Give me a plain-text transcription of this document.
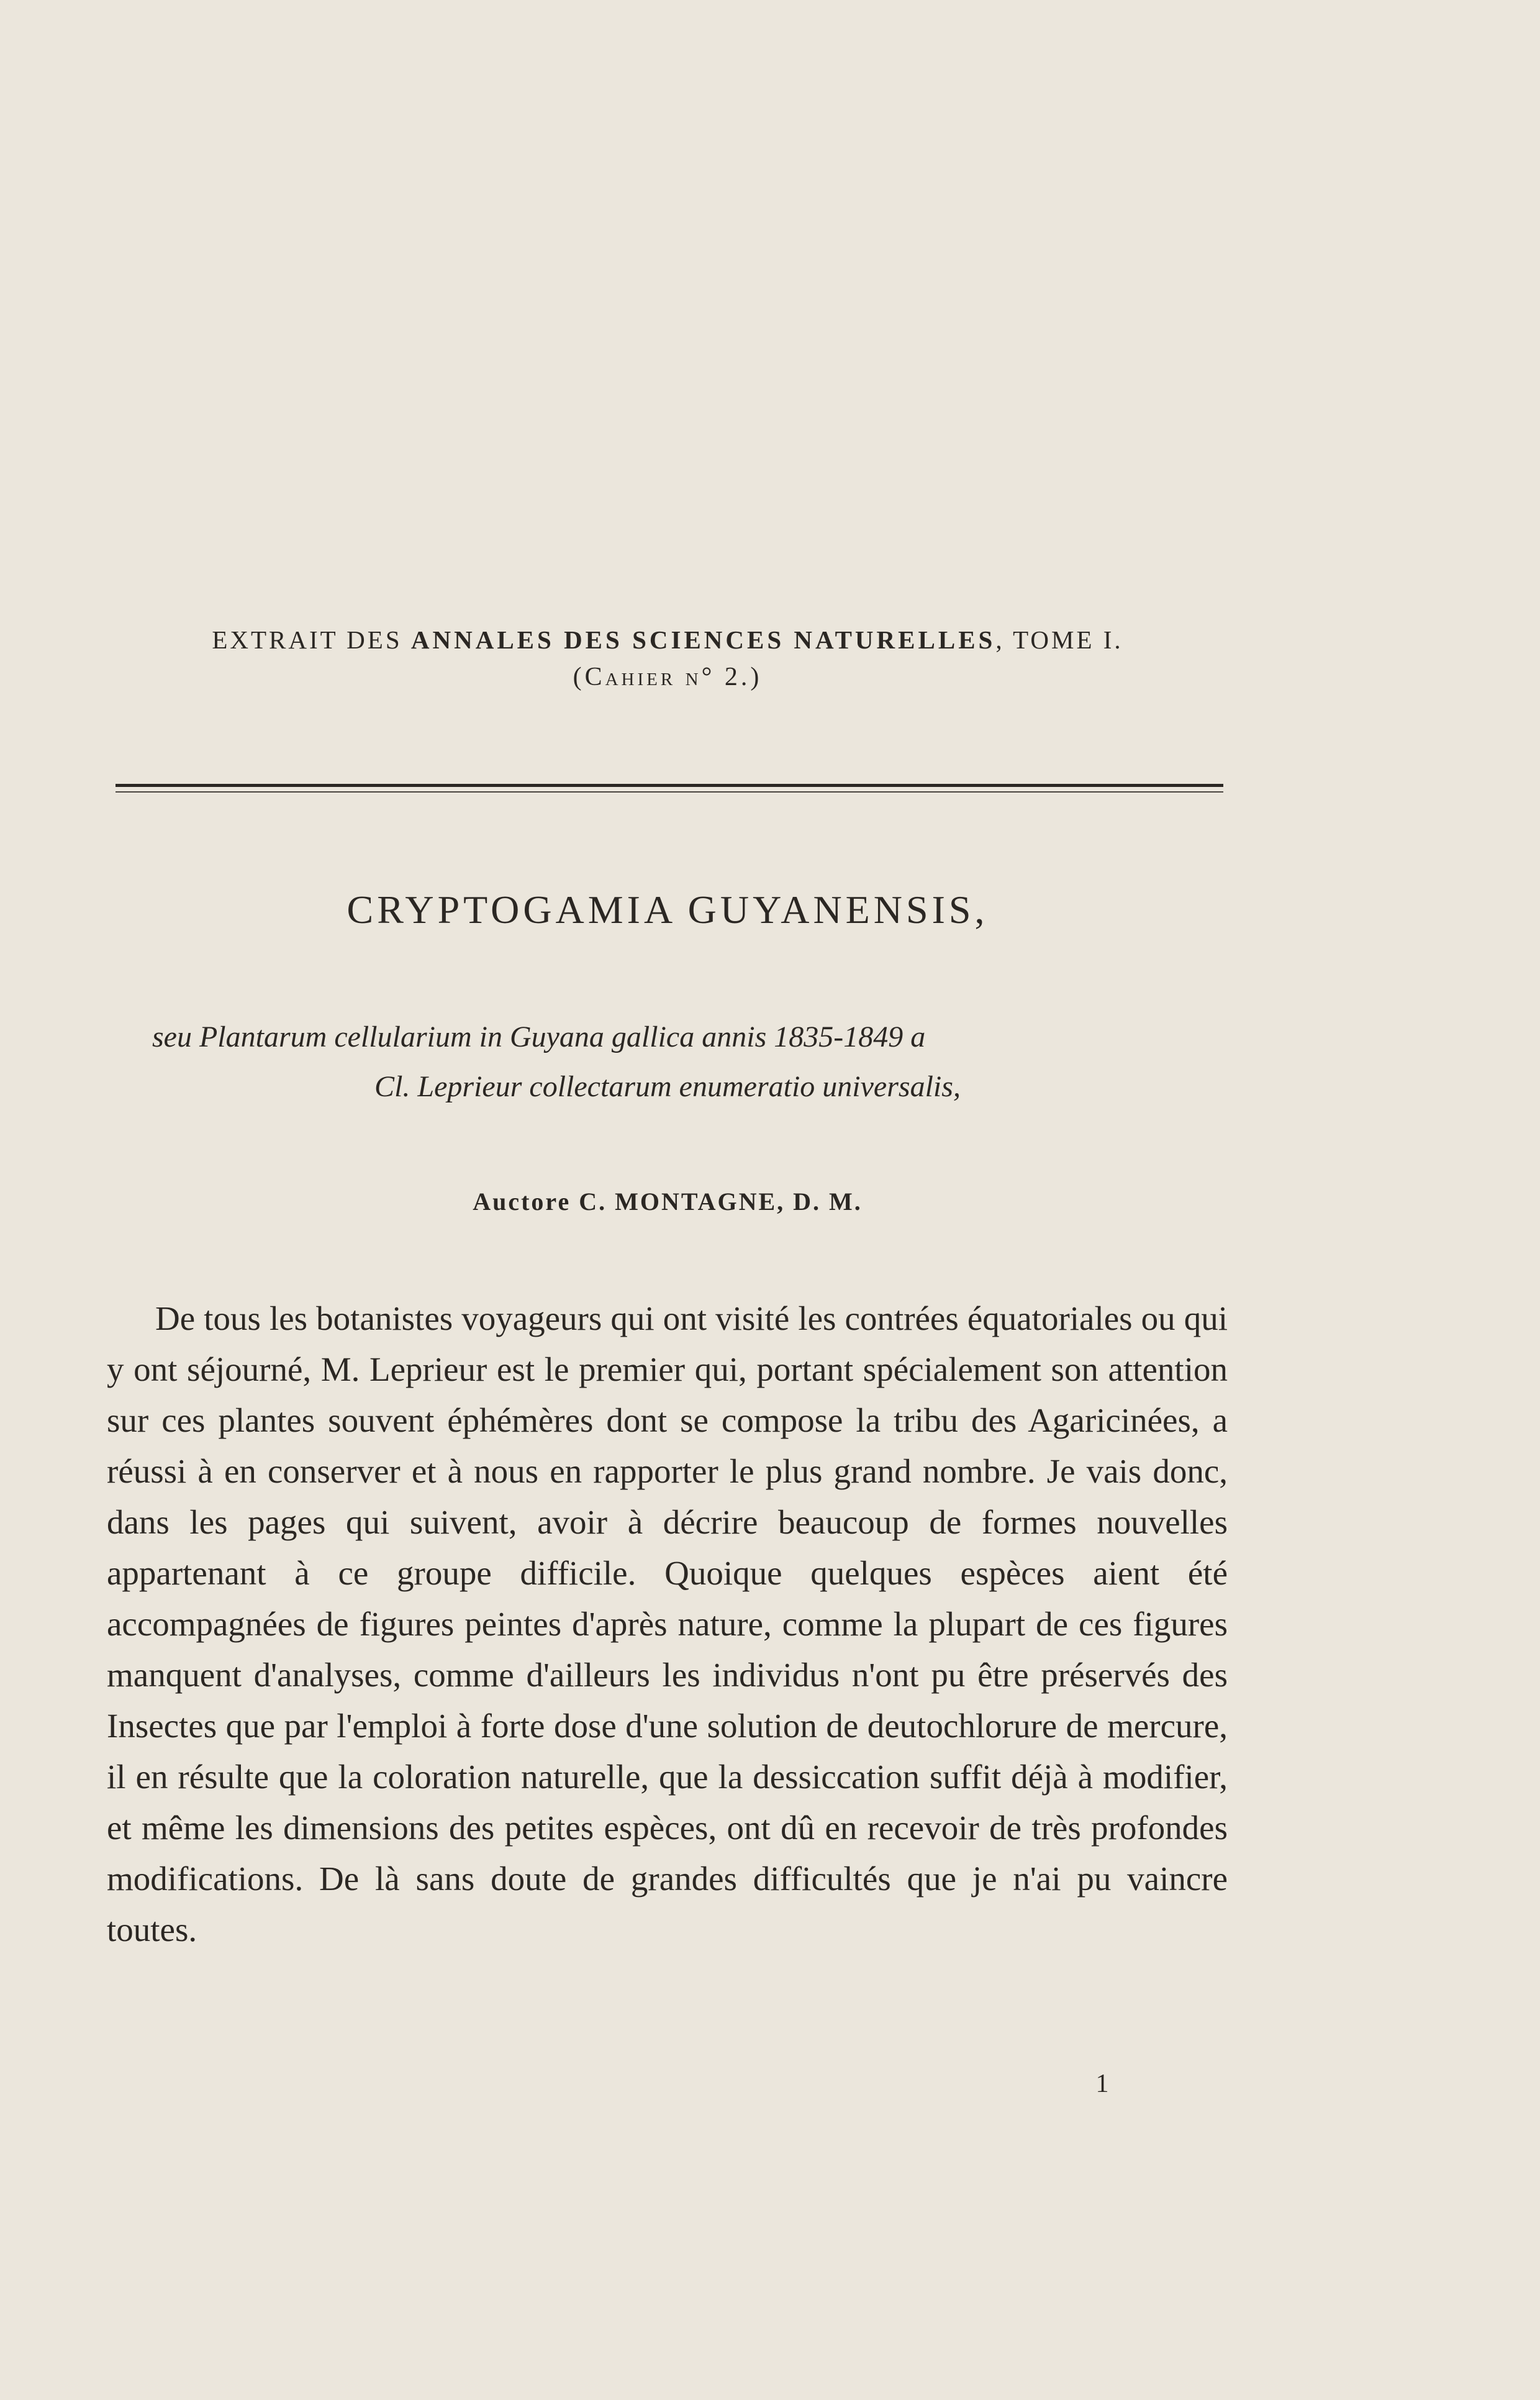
EXTRAIT DES ANNALES DES SCIENCES NATURELLES, TOME I.
(Cahier n° 2.)
CRYPTOGAMIA GUYANENSIS,
seu Plantarum cellularium in Guyana gallica annis 1835-1849 a
Cl. Leprieur collectarum enumeratio universalis,
Auctore C. MONTAGNE, D. M.

De tous les botanistes voyageurs qui ont visité les contrées équatoriales ou qui y ont séjourné, M. Leprieur est le premier qui, portant spécialement son attention sur ces plantes souvent éphémères dont se compose la tribu des Agaricinées, a réussi à en conserver et à nous en rapporter le plus grand nombre. Je vais donc, dans les pages qui suivent, avoir à décrire beaucoup de formes nouvelles appartenant à ce groupe difficile. Quoique quelques espèces aient été accompagnées de figures peintes d'après nature, comme la plupart de ces figures manquent d'analyses, comme d'ailleurs les individus n'ont pu être préservés des Insectes que par l'emploi à forte dose d'une solution de deutochlorure de mercure, il en résulte que la coloration naturelle, que la dessiccation suffit déjà à modifier, et même les dimensions des petites espèces, ont dû en recevoir de très profondes modifications. De là sans doute de grandes difficultés que je n'ai pu vaincre toutes.

1
